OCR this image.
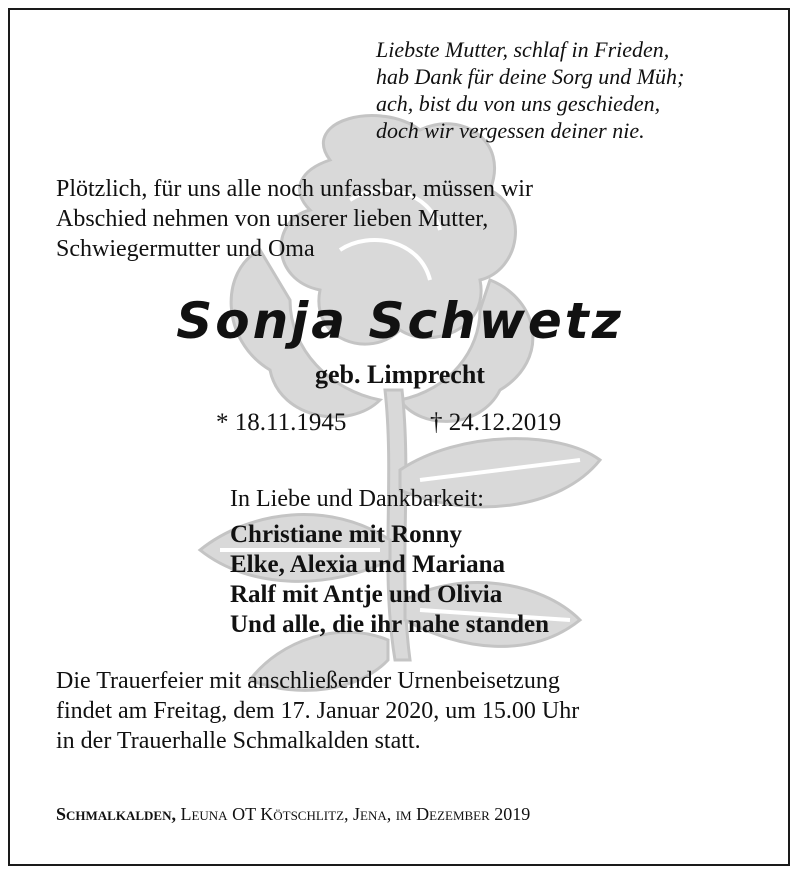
Liebste Mutter, schlaf in Frieden,
hab Dank für deine Sorg und Müh;
ach, bist du von uns geschieden,
doch wir vergessen deiner nie.
Plötzlich, für uns alle noch unfassbar, müssen wir
Abschied nehmen von unserer lieben Mutter,
Schwiegermutter und Oma
Sonja Schwetz
geb. Limprecht
* 18.11.1945	† 24.12.2019
In Liebe und Dankbarkeit:
Christiane mit Ronny
Elke, Alexia und Mariana
Ralf mit Antje und Olivia
Und alle, die ihr nahe standen
Die Trauerfeier mit anschließender Urnenbeisetzung
findet am Freitag, dem 17. Januar 2020, um 15.00 Uhr
in der Trauerhalle Schmalkalden statt.
Schmalkalden, Leuna OT Kötschlitz, Jena, im Dezember 2019
